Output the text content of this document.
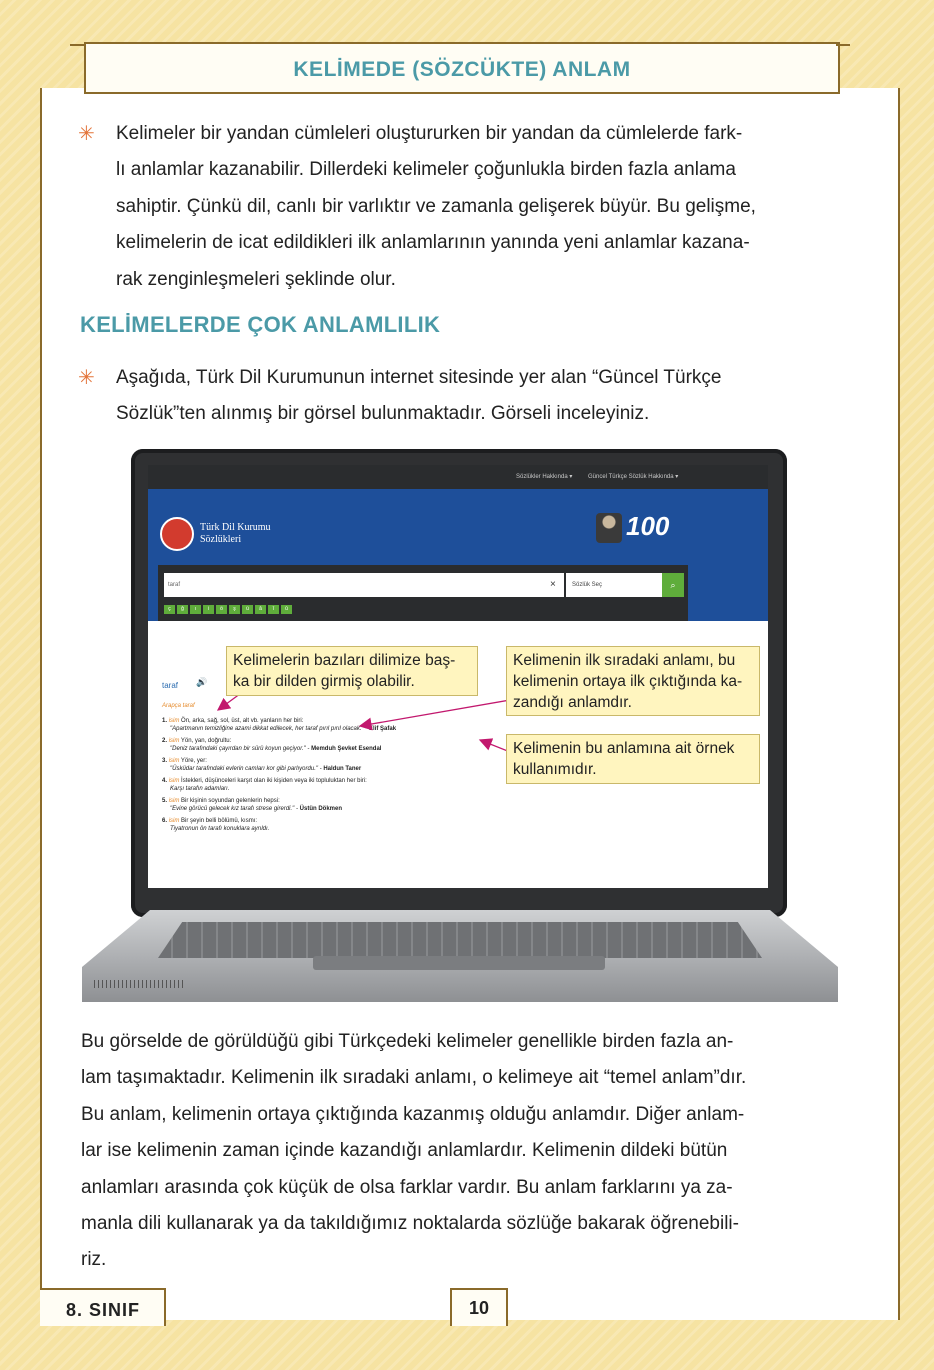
KELİMEDE (SÖZCÜKTE) ANLAM
✳ Kelimeler bir yandan cümleleri oluştururken bir yandan da cümlelerde fark-
lı anlamlar kazanabilir. Dillerdeki kelimeler çoğunlukla birden fazla anlama
sahiptir. Çünkü dil, canlı bir varlıktır ve zamanla gelişerek büyür. Bu gelişme,
kelimelerin de icat edildikleri ilk anlamlarının yanında yeni anlamlar kazana-
rak zenginleşmeleri şeklinde olur.
KELİMELERDE ÇOK ANLAMLILIK
✳ Aşağıda, Türk Dil Kurumunun internet sitesinde yer alan “Güncel Türkçe
Sözlük”ten alınmış bir görsel bulunmaktadır. Görseli inceleyiniz.
Sözlükler Hakkında ▾	Güncel Türkçe Sözlük Hakkında ▾
Türk Dil Kurumu
Sözlükleri	100
taraf	×	Sözlük Seç	⌕
ç	ğ	ı	i	ö	ş	ü	â	î	û
taraf 🔊
Arapça taraf
1. isim Ön, arka, sağ, sol, üst, alt vb. yanların her biri:
"Apartmanın temizliğine azami dikkat edilecek, her taraf pırıl pırıl olacak." - Elif Şafak
2. isim Yön, yan, doğrultu:
"Deniz tarafındaki çayırdan bir sürü koyun geçiyor." - Memduh Şevket Esendal
3. isim Yöre, yer:
"Üsküdar tarafındaki evlerin camları kor gibi parlıyordu." - Haldun Taner
4. isim İstekleri, düşünceleri karşıt olan iki kişiden veya iki topluluktan her biri:
Karşı tarafın adamları.
5. isim Bir kişinin soyundan gelenlerin hepsi:
"Evine görücü gelecek kız tarafı strese girerdi." - Üstün Dökmen
6. isim Bir şeyin belli bölümü, kısmı:
Tiyatronun ön tarafı konuklara ayrıldı.
Kelimelerin bazıları dilimize baş-
ka bir dilden girmiş olabilir.
Kelimenin ilk sıradaki anlamı, bu
kelimenin ortaya ilk çıktığında ka-
zandığı anlamdır.
Kelimenin bu anlamına ait örnek
kullanımıdır.
Bu görselde de görüldüğü gibi Türkçedeki kelimeler genellikle birden fazla an-
lam taşımaktadır. Kelimenin ilk sıradaki anlamı, o kelimeye ait “temel anlam”dır.
Bu anlam, kelimenin ortaya çıktığında kazanmış olduğu anlamdır. Diğer anlam-
lar ise kelimenin zaman içinde kazandığı anlamlardır. Kelimenin dildeki bütün
anlamları arasında çok küçük de olsa farklar vardır. Bu anlam farklarını ya za-
manla dili kullanarak ya da takıldığımız noktalarda sözlüğe bakarak öğrenebili-
riz.
8. SINIF	10
